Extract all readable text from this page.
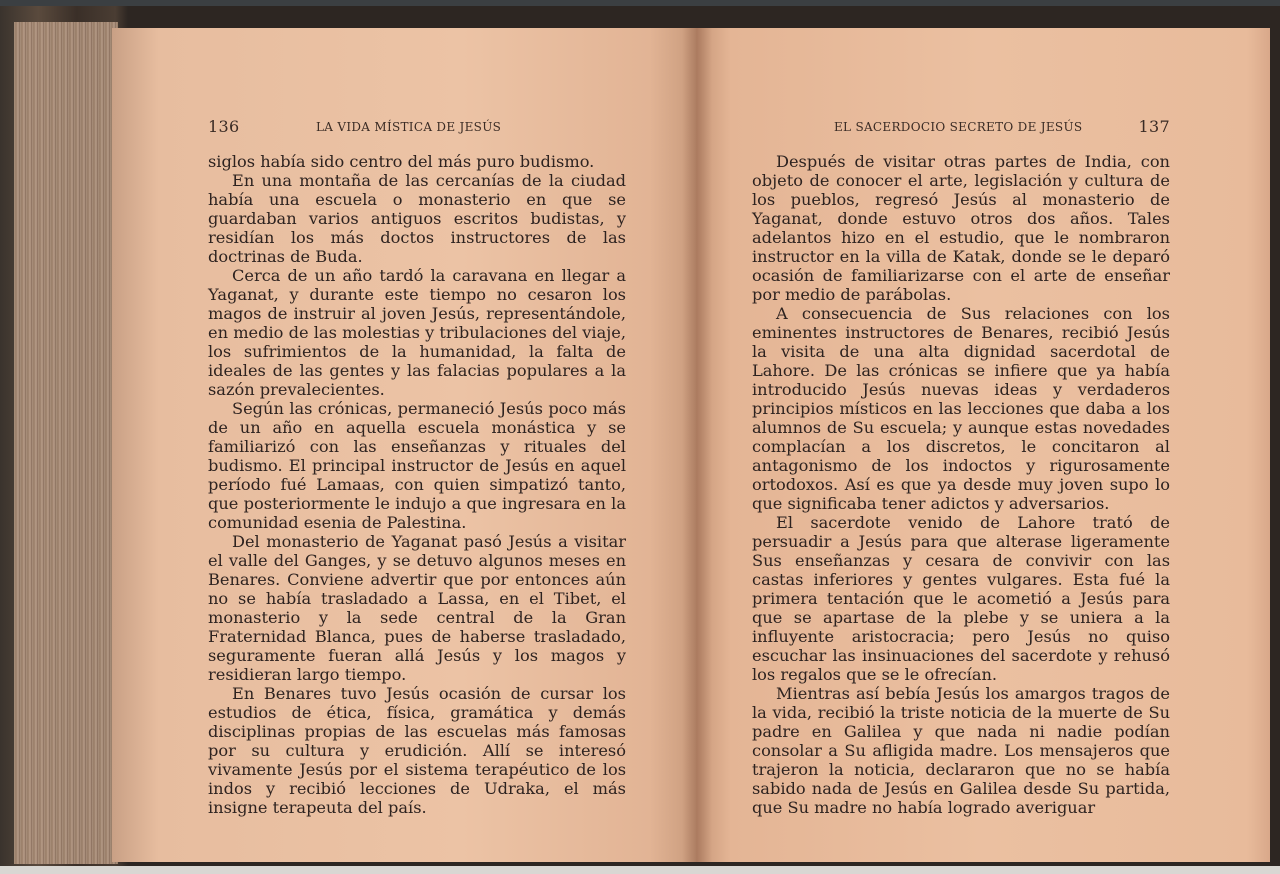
136	LA VIDA MÍSTICA DE JESÚS

siglos había sido centro del más puro budismo.

En una montaña de las cercanías de la ciudad había una escuela o monasterio en que se guardaban varios antiguos escritos budistas, y residían los más doctos instructores de las doctrinas de Buda.

Cerca de un año tardó la caravana en llegar a Yaganat, y durante este tiempo no cesaron los magos de instruir al joven Jesús, representándole, en medio de las molestias y tribulaciones del viaje, los sufrimientos de la humanidad, la falta de ideales de las gentes y las falacias populares a la sazón prevalecientes.

Según las crónicas, permaneció Jesús poco más de un año en aquella escuela monástica y se familiarizó con las enseñanzas y rituales del budismo. El principal instructor de Jesús en aquel período fué Lamaas, con quien simpatizó tanto, que posteriormente le indujo a que ingresara en la comunidad esenia de Palestina.

Del monasterio de Yaganat pasó Jesús a visitar el valle del Ganges, y se detuvo algunos meses en Benares. Conviene advertir que por entonces aún no se había trasladado a Lassa, en el Tibet, el monasterio y la sede central de la Gran Fraternidad Blanca, pues de haberse trasladado, seguramente fueran allá Jesús y los magos y residieran largo tiempo.

En Benares tuvo Jesús ocasión de cursar los estudios de ética, física, gramática y demás disciplinas propias de las escuelas más famosas por su cultura y erudición. Allí se interesó vivamente Jesús por el sistema terapéutico de los indos y recibió lecciones de Udraka, el más insigne terapeuta del país.

EL SACERDOCIO SECRETO DE JESÚS	137

Después de visitar otras partes de India, con objeto de conocer el arte, legislación y cultura de los pueblos, regresó Jesús al monasterio de Yaganat, donde estuvo otros dos años. Tales adelantos hizo en el estudio, que le nombraron instructor en la villa de Katak, donde se le deparó ocasión de familiarizarse con el arte de enseñar por medio de parábolas.

A consecuencia de Sus relaciones con los eminentes instructores de Benares, recibió Jesús la visita de una alta dignidad sacerdotal de Lahore. De las crónicas se infiere que ya había introducido Jesús nuevas ideas y verdaderos principios místicos en las lecciones que daba a los alumnos de Su escuela; y aunque estas novedades complacían a los discretos, le concitaron al antagonismo de los indoctos y rigurosamente ortodoxos. Así es que ya desde muy joven supo lo que significaba tener adictos y adversarios.

El sacerdote venido de Lahore trató de persuadir a Jesús para que alterase ligeramente Sus enseñanzas y cesara de convivir con las castas inferiores y gentes vulgares. Esta fué la primera tentación que le acometió a Jesús para que se apartase de la plebe y se uniera a la influyente aristocracia; pero Jesús no quiso escuchar las insinuaciones del sacerdote y rehusó los regalos que se le ofrecían.

Mientras así bebía Jesús los amargos tragos de la vida, recibió la triste noticia de la muerte de Su padre en Galilea y que nada ni nadie podían consolar a Su afligida madre. Los mensajeros que trajeron la noticia, declararon que no se había sabido nada de Jesús en Galilea desde Su partida, que Su madre no había logrado averiguar
